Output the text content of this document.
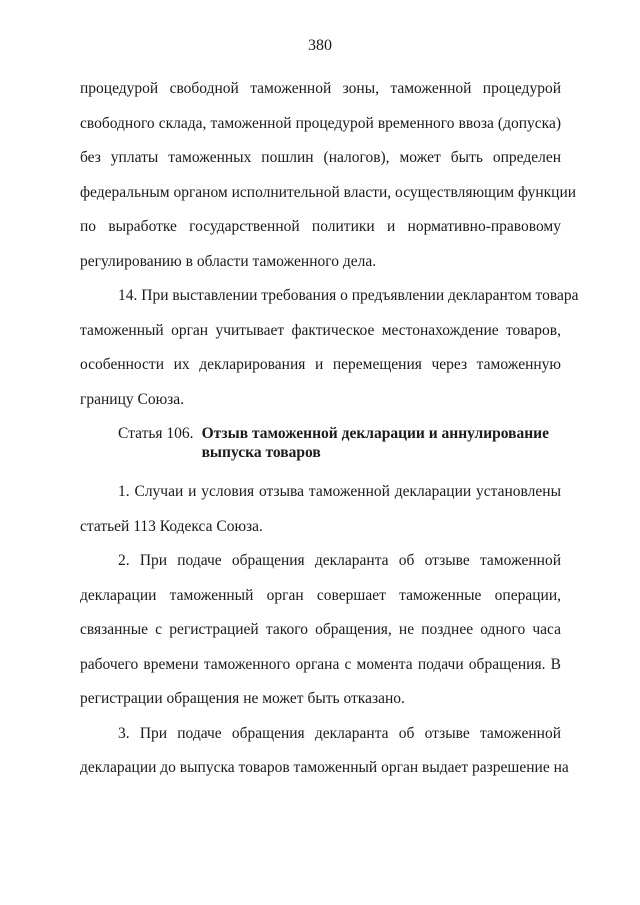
380
процедурой свободной таможенной зоны, таможенной процедурой
свободного склада, таможенной процедурой временного ввоза (допуска)
без уплаты таможенных пошлин (налогов), может быть определен
федеральным органом исполнительной власти, осуществляющим функции
по выработке государственной политики и нормативно-правовому
регулированию в области таможенного дела.
14. При выставлении требования о предъявлении декларантом товара
таможенный орган учитывает фактическое местонахождение товаров,
особенности их декларирования и перемещения через таможенную
границу Союза.
Статья 106. Отзыв таможенной декларации и аннулирование
выпуска товаров
1. Случаи и условия отзыва таможенной декларации установлены
статьей 113 Кодекса Союза.
2. При подаче обращения декларанта об отзыве таможенной
декларации таможенный орган совершает таможенные операции,
связанные с регистрацией такого обращения, не позднее одного часа
рабочего времени таможенного органа с момента подачи обращения. В
регистрации обращения не может быть отказано.
3. При подаче обращения декларанта об отзыве таможенной
декларации до выпуска товаров таможенный орган выдает разрешение на
